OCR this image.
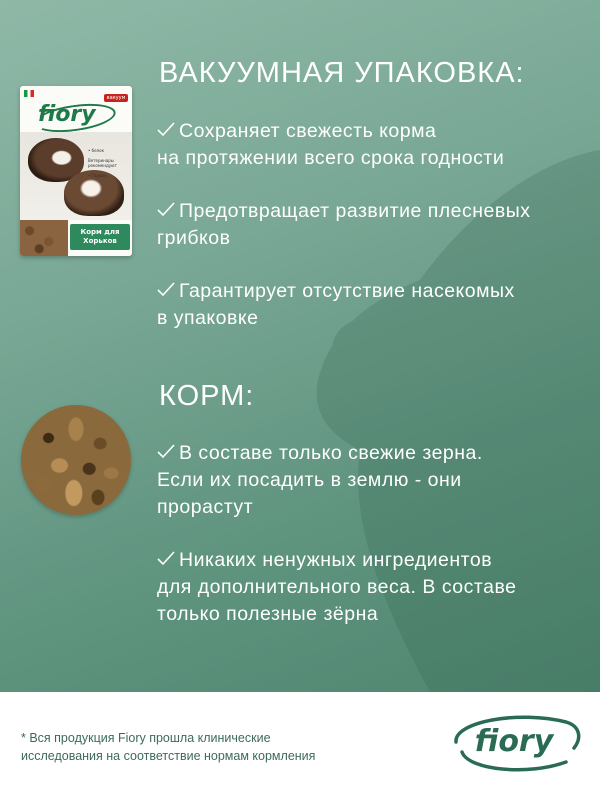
вакуум
fiory
• белок
Ветеринары рекомендуют
• Таурин
Корм для
Хорьков
ВАКУУМНАЯ УПАКОВКА:
Сохраняет свежесть корма
на протяжении всего срока годности
Предотвращает развитие плесневых
грибков
Гарантирует отсутствие насекомых
в упаковке
КОРМ:
В составе только свежие зерна.
Если их посадить в землю - они
прорастут
Никаких ненужных ингредиентов
для дополнительного веса. В составе
только полезные зёрна
* Вся продукция Fiory прошла клинические
исследования на соответствие нормам кормления	fiory
